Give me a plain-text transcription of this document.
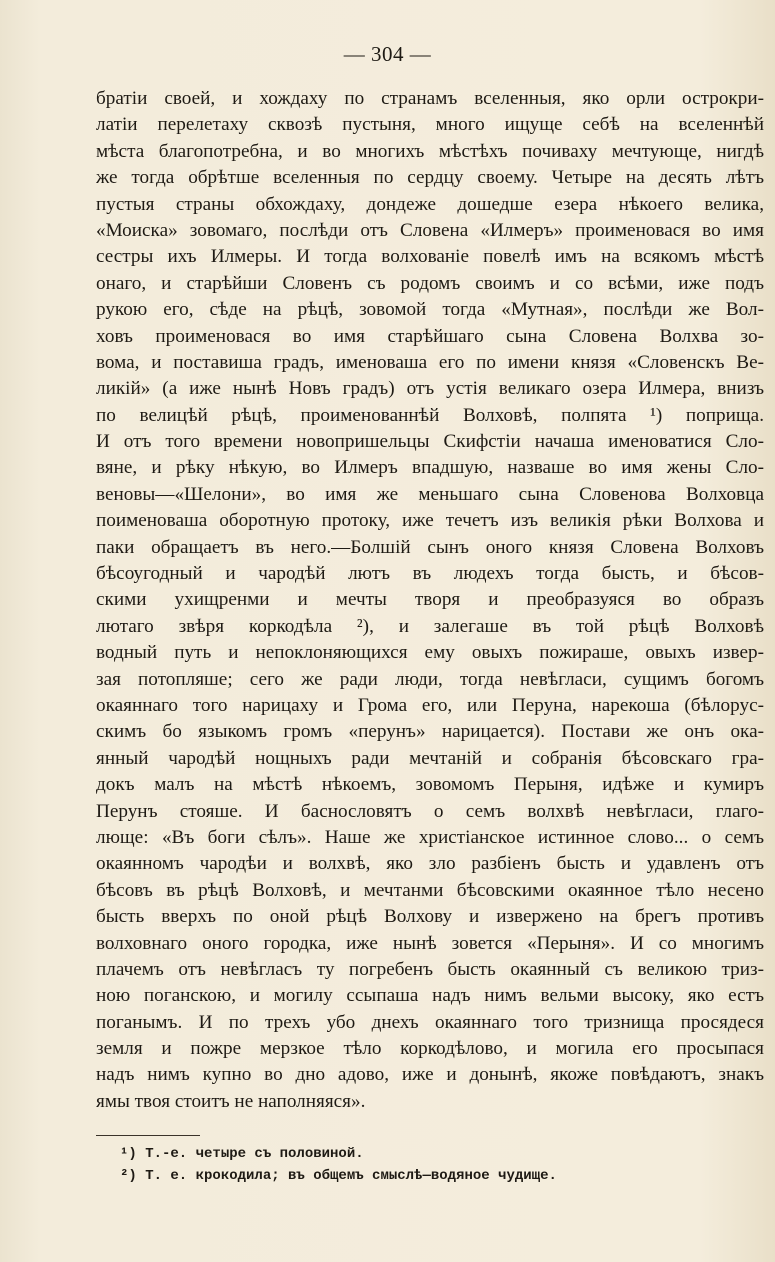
— 304 —
братіи своей, и хождаху по странамъ вселенныя, яко орли острокри-
латіи перелетаху сквозѣ пустыня, много ищуще себѣ на вселеннѣй
мѣста благопотребна, и во многихъ мѣстѣхъ почиваху мечтующе, нигдѣ
же тогда обрѣтше вселенныя по сердцу своему. Четыре на десять лѣтъ
пустыя страны обхождаху, дондеже дошедше езера нѣкоего велика,
«Моиска» зовомаго, послѣди отъ Словена «Илмеръ» проименовася во имя
сестры ихъ Илмеры. И тогда волхованіе повелѣ имъ на всякомъ мѣстѣ
онаго, и старѣйши Словенъ съ родомъ своимъ и со всѣми, иже подъ
рукою его, сѣде на рѣцѣ, зовомой тогда «Мутная», послѣди же Вол-
ховъ проименовася во имя старѣйшаго сына Словена Волхва зо-
вома, и поставиша градъ, именоваша его по имени князя «Словенскъ Ве-
ликій» (а иже нынѣ Новъ градъ) отъ устія великаго озера Илмера, внизъ
по велицѣй рѣцѣ, проименованнѣй Волховѣ, полпята ¹) поприща.
И отъ того времени новопришельцы Скифстіи начаша именоватися Сло-
вяне, и рѣку нѣкую, во Илмеръ впадшую, назваше во имя жены Сло-
веновы—«Шелони», во имя же меньшаго сына Словенова Волховца
поименоваша оборотную протоку, иже течетъ изъ великія рѣки Волхова и
паки обращаетъ въ него.—Болшій сынъ оного князя Словена Волховъ
бѣсоугодный и чародѣй лютъ въ людехъ тогда бысть, и бѣсов-
скими ухищренми и мечты творя и преобразуяся во образъ
лютаго звѣря коркодѣла ²), и залегаше въ той рѣцѣ Волховѣ
водный путь и непоклоняющихся ему овыхъ пожираше, овыхъ извер-
зая потопляше; сего же ради люди, тогда невѣгласи, сущимъ богомъ
окаяннаго того нарицаху и Грома его, или Перуна, нарекоша (бѣлорус-
скимъ бо языкомъ громъ «перунъ» нарицается). Постави же онъ ока-
янный чародѣй нощныхъ ради мечтаній и собранія бѣсовскаго гра-
докъ малъ на мѣстѣ нѣкоемъ, зовомомъ Перыня, идѣже и кумиръ
Перунъ стояше. И баснословятъ о семъ волхвѣ невѣгласи, глаго-
люще: «Въ боги сѣлъ». Наше же христіанское истинное слово... о семъ
окаянномъ чародѣи и волхвѣ, яко зло разбіенъ бысть и удавленъ отъ
бѣсовъ въ рѣцѣ Волховѣ, и мечтанми бѣсовскими окаянное тѣло несено
бысть вверхъ по оной рѣцѣ Волхову и извержено на брегъ противъ
волховнаго оного городка, иже нынѣ зовется «Перыня». И со многимъ
плачемъ отъ невѣгласъ ту погребенъ бысть окаянный съ великою триз-
ною поганскою, и могилу ссыпаша надъ нимъ вельми высоку, яко естъ
поганымъ. И по трехъ убо днехъ окаяннаго того тризнища просядеся
земля и пожре мерзкое тѣло коркодѣлово, и могила его просыпася
надъ нимъ купно во дно адово, иже и донынѣ, якоже повѣдаютъ, знакъ
ямы твоя стоитъ не наполняяся».
¹) Т.-е. четыре съ половиной.
²) Т. е. крокодила; въ общемъ смыслѣ—водяное чудище.
